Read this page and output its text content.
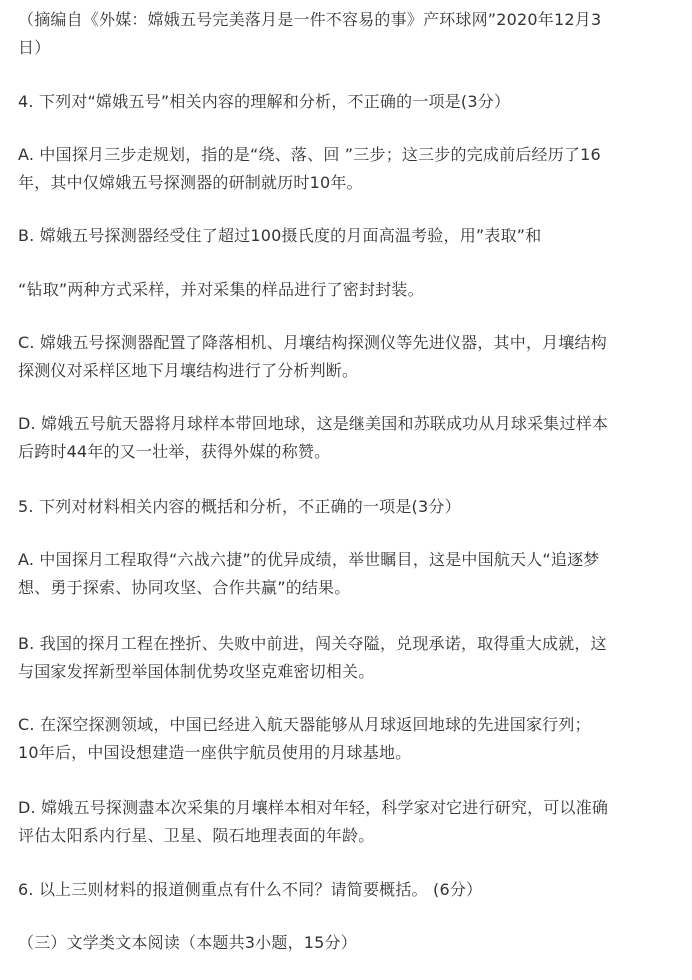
（摘编自《外媒：嫦娥五号完美落月是一件不容易的事》产环球网”2020年12月3
日）

4. 下列对“嫦娥五号”相关内容的理解和分析，不正确的一项是(3分）

A. 中国探月三步走规划，指的是“绕、落、回 ”三步；这三步的完成前后经历了16
年，其中仅嫦娥五号探测器的研制就历时10年。

B. 嫦娥五号探测器经受住了超过100摄氏度的月面高温考验，用”表取”和

“钻取”两种方式采样，并对采集的样品进行了密封封装。

C. 嫦娥五号探测器配置了降落相机、月壤结构探测仪等先进仪器，其中，月壤结构
探测仪对采样区地下月壤结构进行了分析判断。

D. 嫦娥五号航天器将月球样本带回地球，这是继美国和苏联成功从月球采集过样本
后跨时44年的又一壮举，获得外媒的称赞。

5. 下列对材料相关内容的概括和分析，不正确的一项是(3分）

A. 中国探月工程取得“六战六捷”的优异成绩，举世瞩目，这是中国航天人“追逐梦
想、勇于探索、协同攻坚、合作共赢”的结果。

B. 我国的探月工程在挫折、失败中前进，闯关夺隘，兑现承诺，取得重大成就，这
与国家发挥新型举国体制优势攻坚克难密切相关。

C. 在深空探测领域，中国已经进入航天器能够从月球返回地球的先进国家行列；
10年后，中国设想建造一座供宇航员使用的月球基地。

D. 嫦娥五号探测盡本次采集的月壤样本相对年轻，科学家对它进行研究，可以准确
评估太阳系内行星、卫星、陨石地理表面的年龄。

6. 以上三则材料的报道侧重点有什么不同？请简要概括。 (6分）

（三）文学类文本阅读（本题共3小题，15分）
